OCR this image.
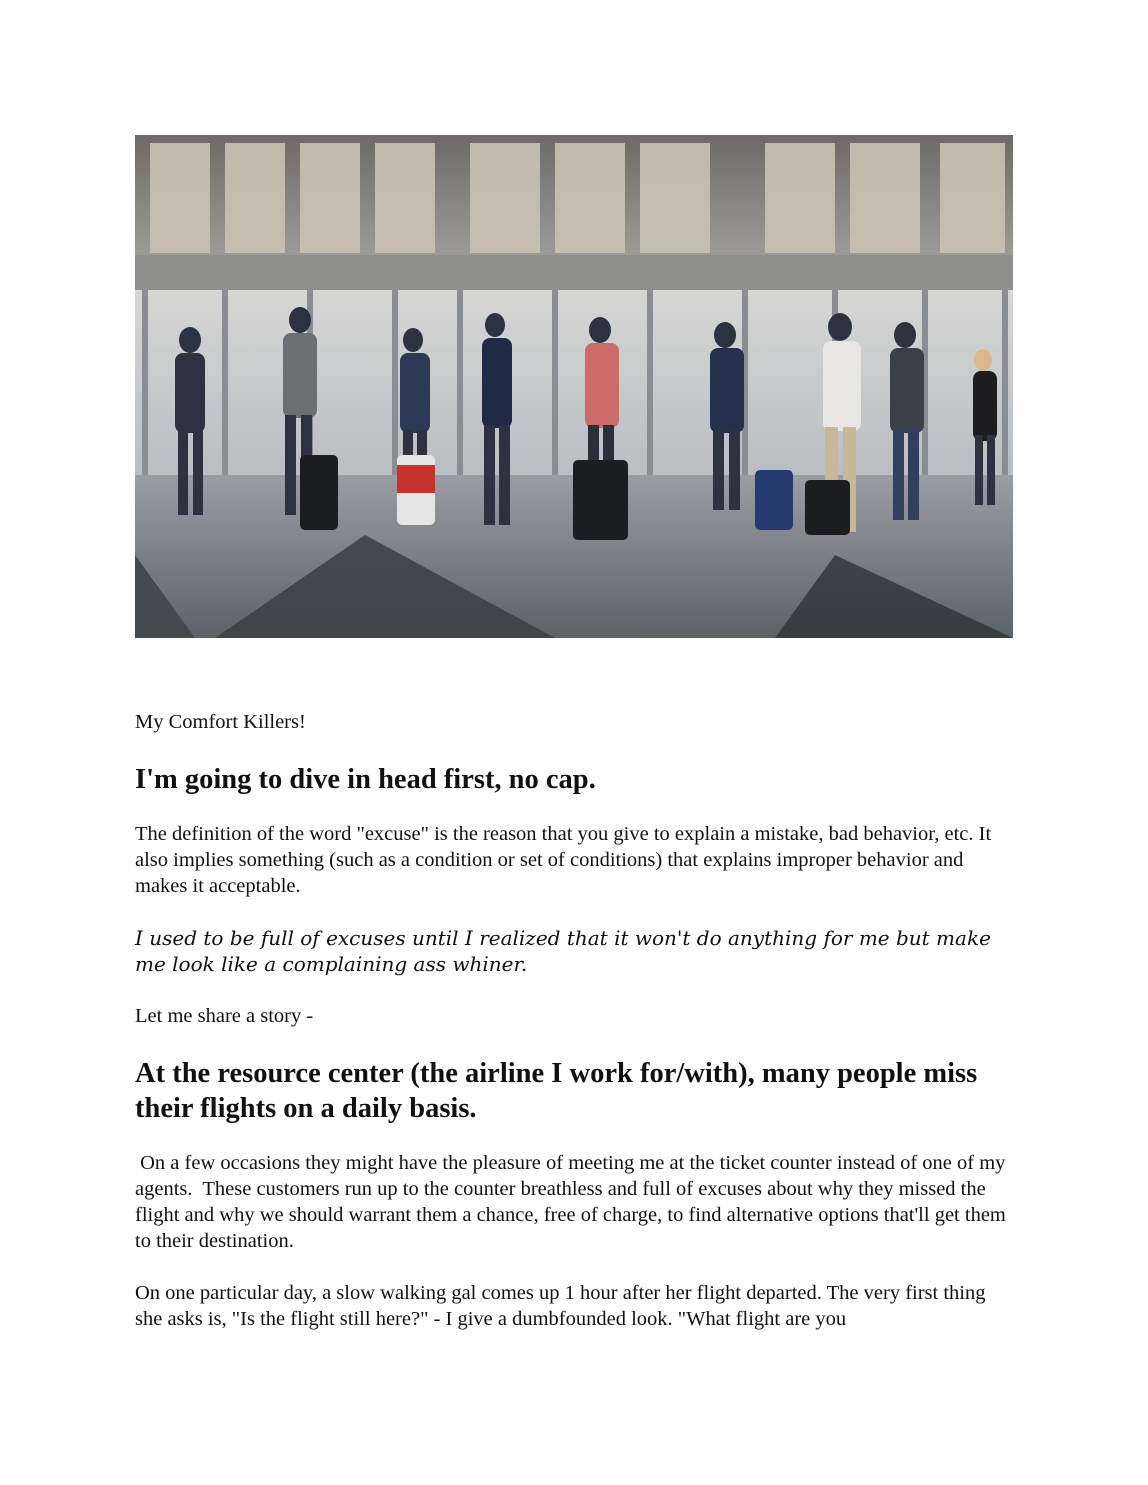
My Comfort Killers!

I'm going to dive in head first, no cap.

The definition of the word "excuse" is the reason that you give to explain a mistake, bad behavior, etc. It also implies something (such as a condition or set of conditions) that explains improper behavior and makes it acceptable.

I used to be full of excuses until I realized that it won't do anything for me but make me look like a complaining ass whiner.

Let me share a story -

At the resource center (the airline I work for/with), many people miss their flights on a daily basis.

On a few occasions they might have the pleasure of meeting me at the ticket counter instead of one of my agents.  These customers run up to the counter breathless and full of excuses about why they missed the flight and why we should warrant them a chance, free of charge, to find alternative options that'll get them to their destination.

On one particular day, a slow walking gal comes up 1 hour after her flight departed. The very first thing she asks is, "Is the flight still here?" - I give a dumbfounded look. "What flight are you
